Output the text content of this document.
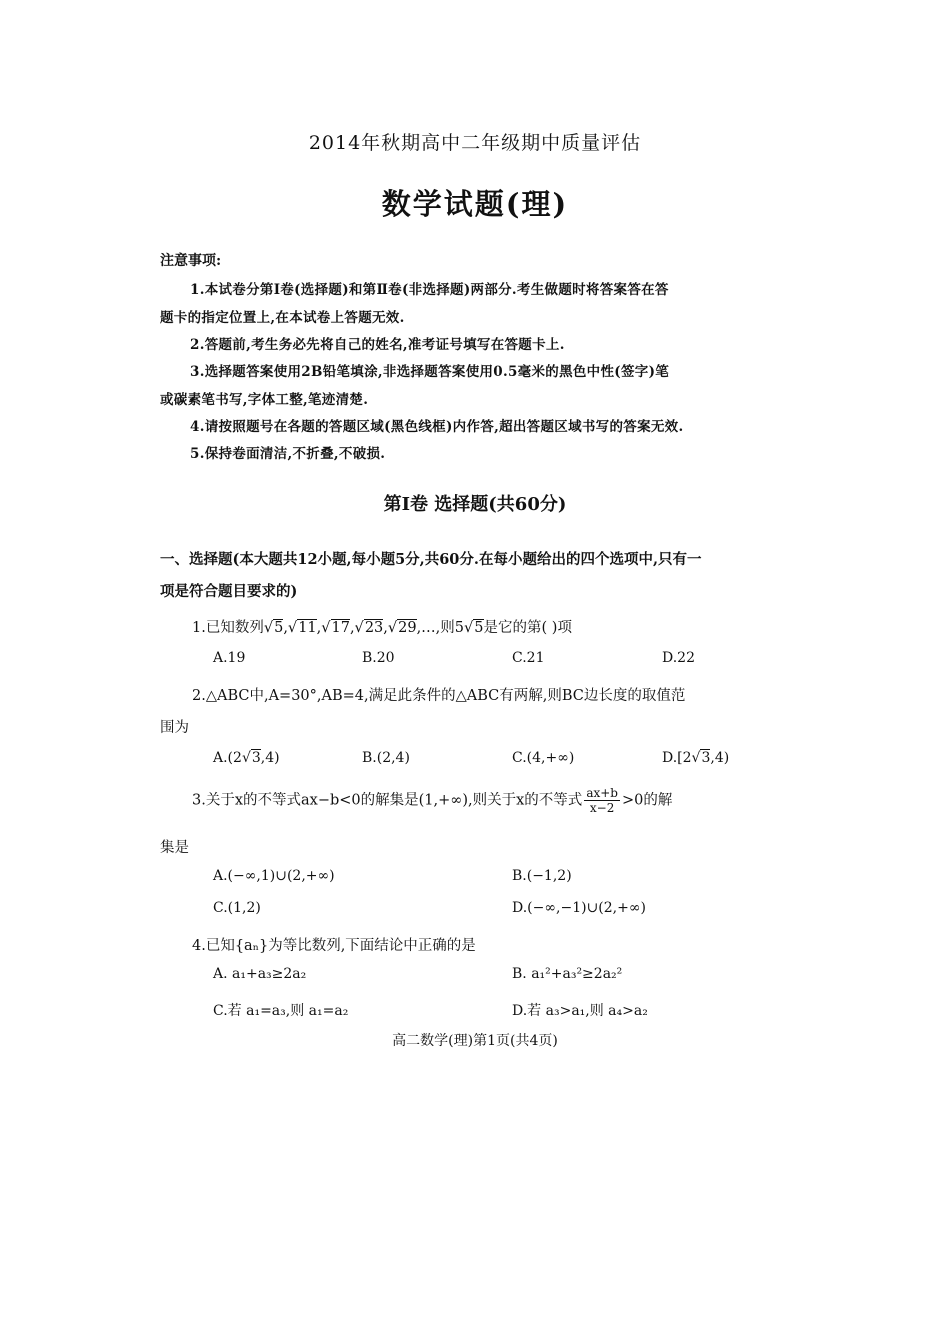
2014年秋期高中二年级期中质量评估
数学试题(理)
注意事项:
1.本试卷分第Ⅰ卷(选择题)和第Ⅱ卷(非选择题)两部分.考生做题时将答案答在答
题卡的指定位置上,在本试卷上答题无效.
2.答题前,考生务必先将自己的姓名,准考证号填写在答题卡上.
3.选择题答案使用2B铅笔填涂,非选择题答案使用0.5毫米的黑色中性(签字)笔
或碳素笔书写,字体工整,笔迹清楚.
4.请按照题号在各题的答题区域(黑色线框)内作答,超出答题区域书写的答案无效.
5.保持卷面清洁,不折叠,不破损.
第Ⅰ卷 选择题(共60分)
一、选择题(本大题共12小题,每小题5分,共60分.在每小题给出的四个选项中,只有一
项是符合题目要求的)
1.已知数列√5,√11,√17,√23,√29,…,则5√5是它的第( )项
A.19	B.20	C.21	D.22
2.△ABC中,A=30°,AB=4,满足此条件的△ABC有两解,则BC边长度的取值范
围为
A.(2√3,4)	B.(2,4)	C.(4,+∞)	D.[2√3,4)
3.关于x的不等式ax−b<0的解集是(1,+∞),则关于x的不等式 $\frac{ax+b}{x-2} >0$的解
集是
A.(−∞,1)∪(2,+∞)	B.(−1,2)
C.(1,2)	D.(−∞,−1)∪(2,+∞)
4.已知{aₙ}为等比数列,下面结论中正确的是
A. a₁+a₃≥2a₂	B. a₁²+a₃²≥2a₂²
C.若 a₁=a₃,则 a₁=a₂	D.若 a₃>a₁,则 a₄>a₂
高二数学(理)第1页(共4页)
